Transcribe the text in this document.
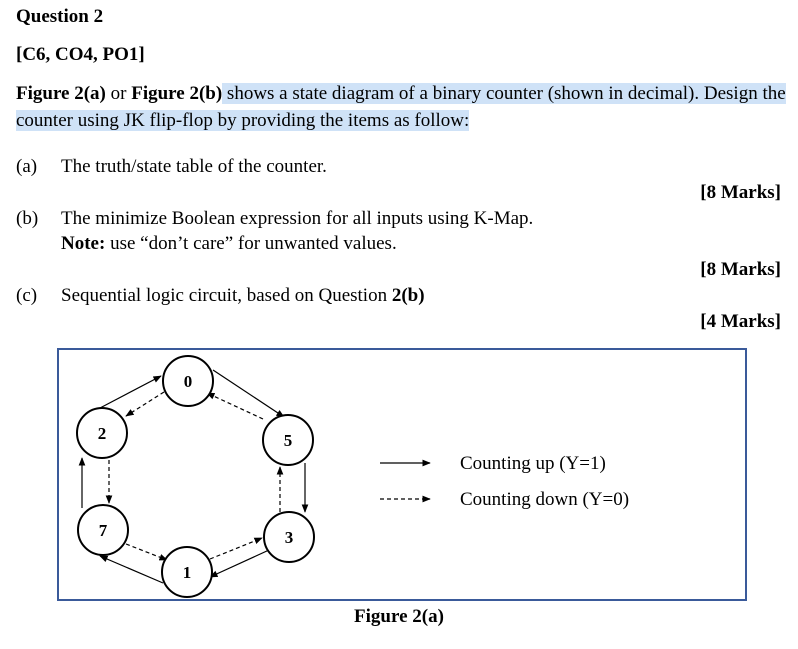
Question 2
[C6, CO4, PO1]
Figure 2(a) or Figure 2(b) shows a state diagram of a binary counter (shown in decimal). Design the counter using JK flip-flop by providing the items as follow:
(a) The truth/state table of the counter.
[8 Marks]
(b) The minimize Boolean expression for all inputs using K-Map.
Note: use “don’t care” for unwanted values.
[8 Marks]
(c) Sequential logic circuit, based on Question 2(b)
[4 Marks]
0
5
3
1
7
2
Counting up (Y=1)
Counting down (Y=0)
Figure 2(a)
